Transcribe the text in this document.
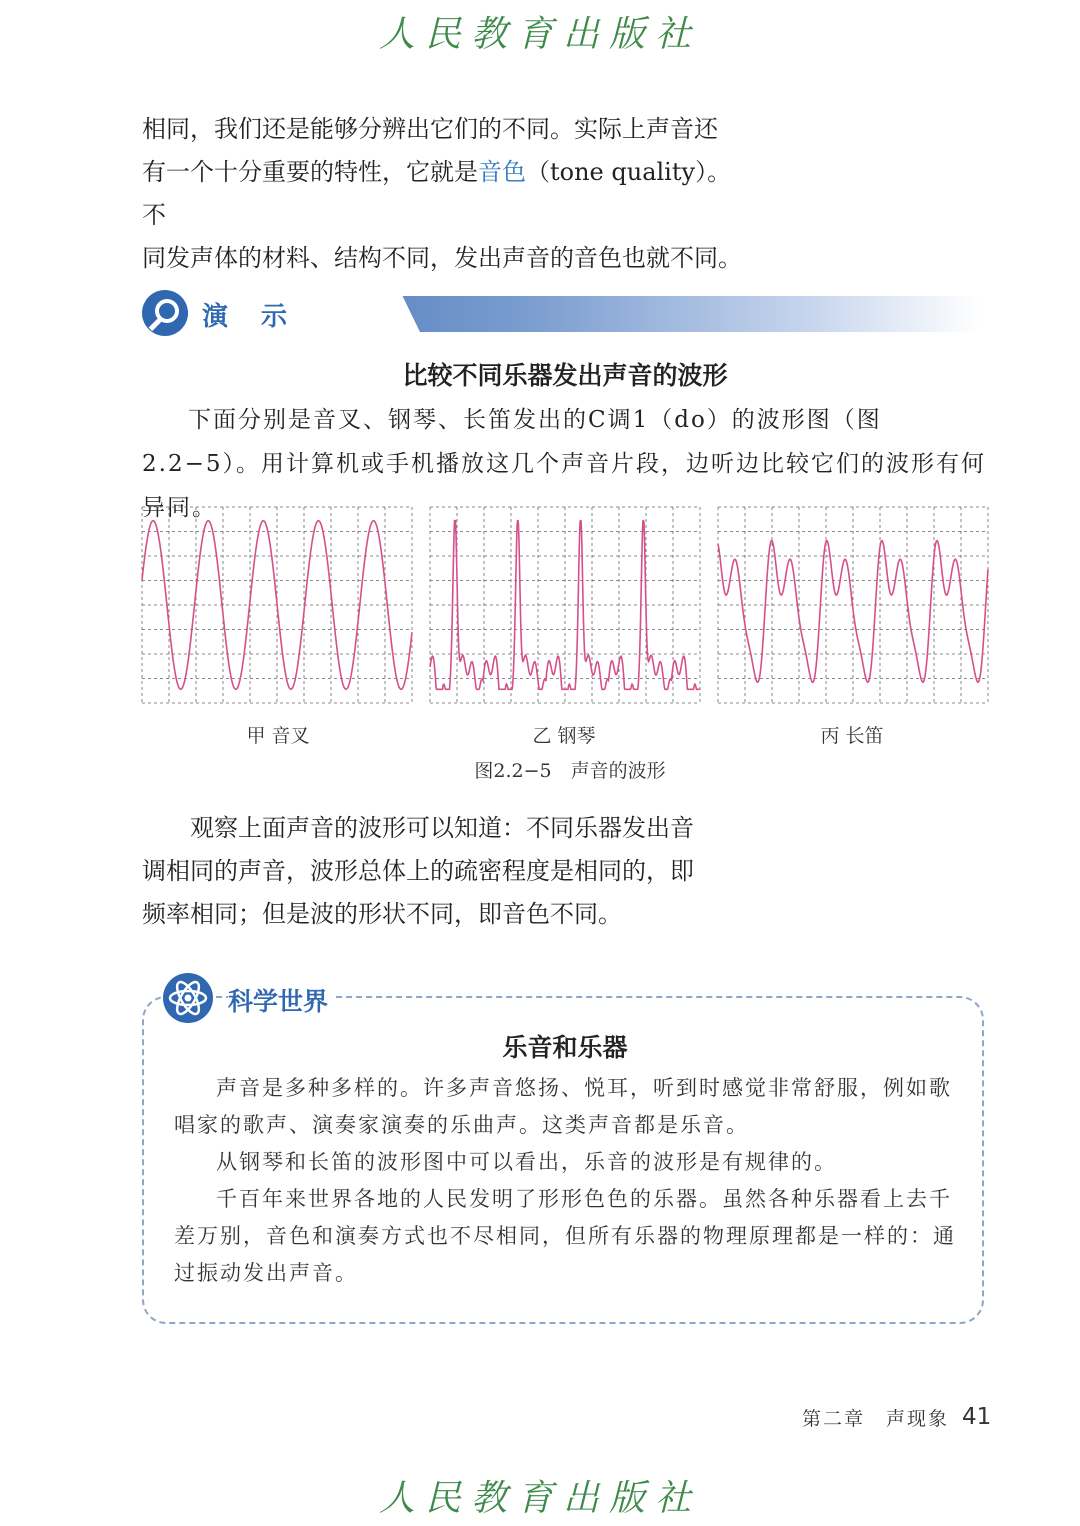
人民教育出版社

相同，我们还是能够分辨出它们的不同。实际上声音还

有一个十分重要的特性，它就是音色（tone quality）。不

同发声体的材料、结构不同，发出声音的音色也就不同。

演 示
比较不同乐器发出声音的波形

下面分别是音叉、钢琴、长笛发出的C调1（do）的波形图（图2.2−5）。用计算机或手机播放这几个声音片段，边听边比较它们的波形有何异同。

甲 音叉	乙 钢琴	丙 长笛
图2.2−5　声音的波形

观察上面声音的波形可以知道：不同乐器发出音

调相同的声音，波形总体上的疏密程度是相同的，即

频率相同；但是波的形状不同，即音色不同。

科学世界
乐音和乐器

声音是多种多样的。许多声音悠扬、悦耳，听到时感觉非常舒服，例如歌唱家的歌声、演奏家演奏的乐曲声。这类声音都是乐音。

从钢琴和长笛的波形图中可以看出，乐音的波形是有规律的。

千百年来世界各地的人民发明了形形色色的乐器。虽然各种乐器看上去千差万别，音色和演奏方式也不尽相同，但所有乐器的物理原理都是一样的：通过振动发出声音。

第二章　声现象 41
人民教育出版社
